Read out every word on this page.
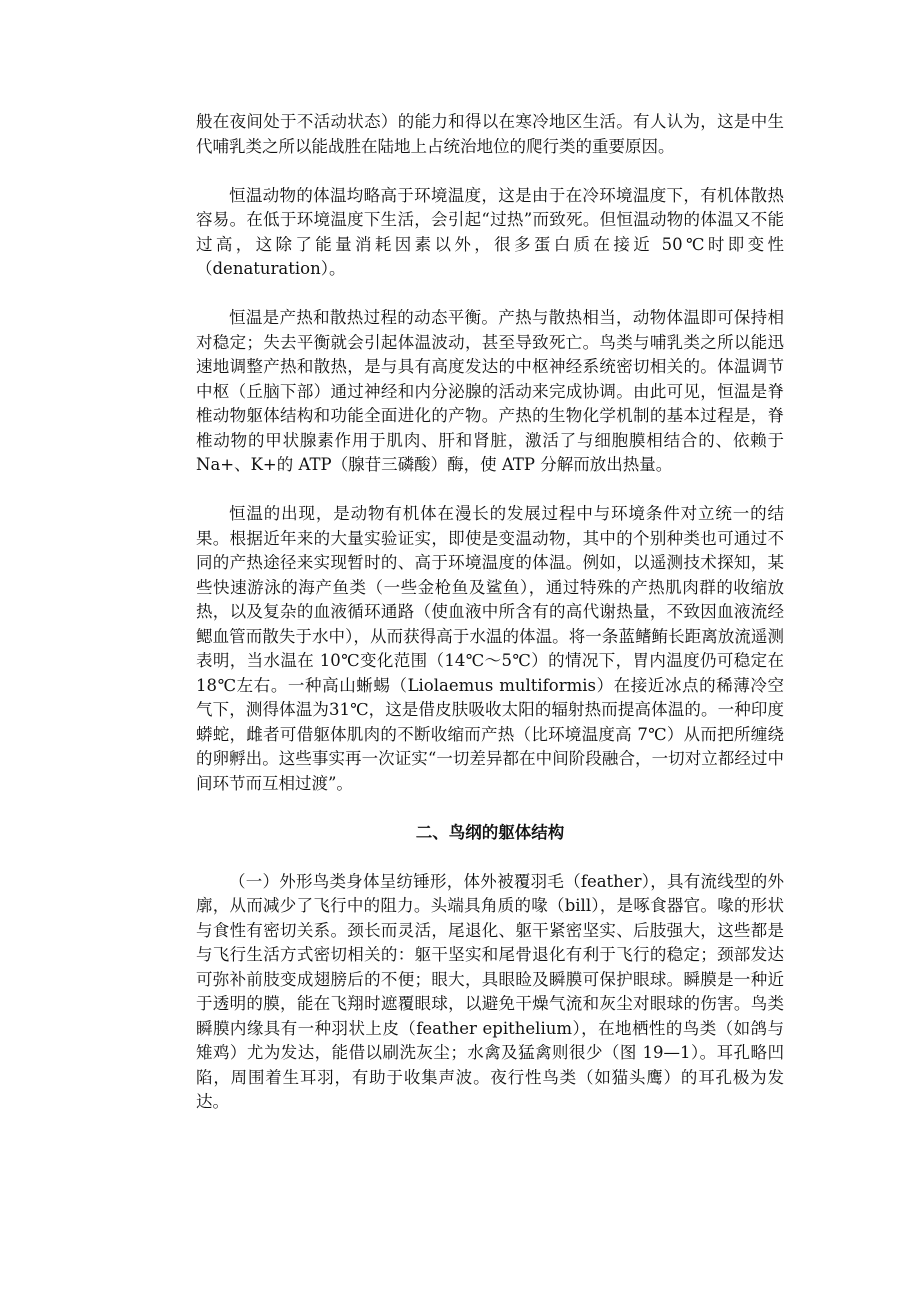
般在夜间处于不活动状态）的能力和得以在寒冷地区生活。有人认为，这是中生代哺乳类之所以能战胜在陆地上占统治地位的爬行类的重要原因。

恒温动物的体温均略高于环境温度，这是由于在冷环境温度下，有机体散热容易。在低于环境温度下生活，会引起“过热”而致死。但恒温动物的体温又不能过高，这除了能量消耗因素以外，很多蛋白质在接近 50℃时即变性（denaturation）。

恒温是产热和散热过程的动态平衡。产热与散热相当，动物体温即可保持相对稳定；失去平衡就会引起体温波动，甚至导致死亡。鸟类与哺乳类之所以能迅速地调整产热和散热，是与具有高度发达的中枢神经系统密切相关的。体温调节中枢（丘脑下部）通过神经和内分泌腺的活动来完成协调。由此可见，恒温是脊椎动物躯体结构和功能全面进化的产物。产热的生物化学机制的基本过程是，脊椎动物的甲状腺素作用于肌肉、肝和肾脏，激活了与细胞膜相结合的、依赖于 Na+、K+的 ATP（腺苷三磷酸）酶，使 ATP 分解而放出热量。

恒温的出现，是动物有机体在漫长的发展过程中与环境条件对立统一的结果。根据近年来的大量实验证实，即使是变温动物，其中的个别种类也可通过不同的产热途径来实现暂时的、高于环境温度的体温。例如，以遥测技术探知，某些快速游泳的海产鱼类（一些金枪鱼及鲨鱼），通过特殊的产热肌肉群的收缩放热，以及复杂的血液循环通路（使血液中所含有的高代谢热量，不致因血液流经鳃血管而散失于水中），从而获得高于水温的体温。将一条蓝鳍鲔长距离放流遥测表明，当水温在 10℃变化范围（14℃～5℃）的情况下，胃内温度仍可稳定在 18℃左右。一种高山蜥蜴（Liolaemus multiformis）在接近冰点的稀薄冷空气下，测得体温为31℃，这是借皮肤吸收太阳的辐射热而提高体温的。一种印度蟒蛇，雌者可借躯体肌肉的不断收缩而产热（比环境温度高 7℃）从而把所缠绕的卵孵出。这些事实再一次证实“一切差异都在中间阶段融合，一切对立都经过中间环节而互相过渡”。

二、鸟纲的躯体结构

（一）外形鸟类身体呈纺锤形，体外被覆羽毛（feather），具有流线型的外廓，从而减少了飞行中的阻力。头端具角质的喙（bill），是啄食器官。喙的形状与食性有密切关系。颈长而灵活，尾退化、躯干紧密坚实、后肢强大，这些都是与飞行生活方式密切相关的：躯干坚实和尾骨退化有利于飞行的稳定；颈部发达可弥补前肢变成翅膀后的不便；眼大，具眼睑及瞬膜可保护眼球。瞬膜是一种近于透明的膜，能在飞翔时遮覆眼球，以避免干燥气流和灰尘对眼球的伤害。鸟类瞬膜内缘具有一种羽状上皮（feather epithelium），在地栖性的鸟类（如鸽与雉鸡）尤为发达，能借以刷洗灰尘；水禽及猛禽则很少（图 19—1）。耳孔略凹陷，周围着生耳羽，有助于收集声波。夜行性鸟类（如猫头鹰）的耳孔极为发达。
